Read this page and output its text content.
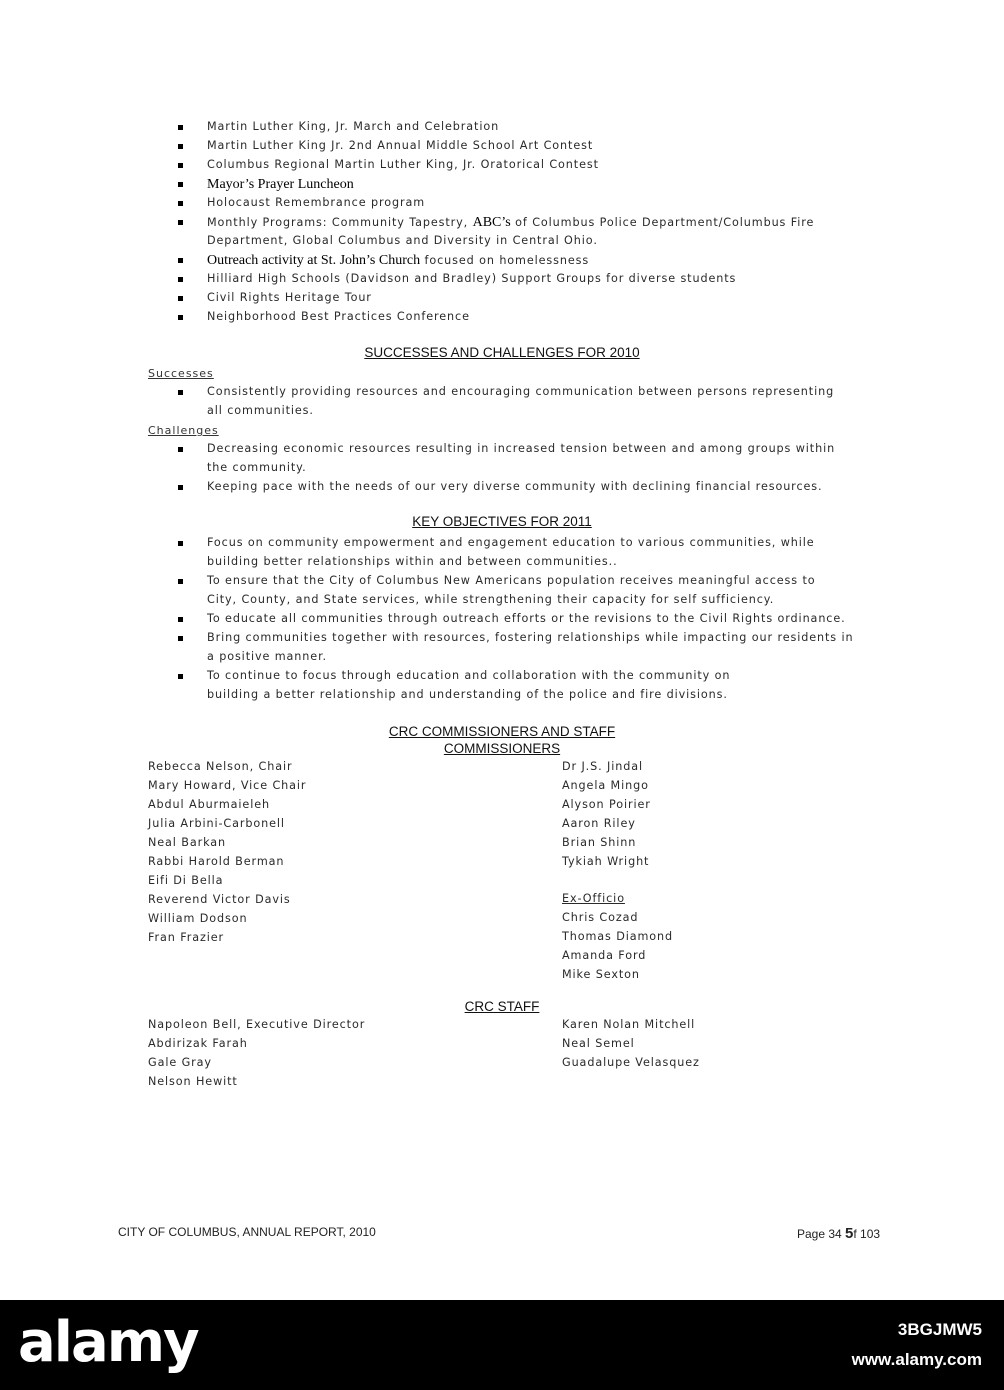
Martin Luther King, Jr. March and Celebration
Martin Luther King Jr. 2nd Annual Middle School Art Contest
Columbus Regional Martin Luther King, Jr. Oratorical Contest
Mayor’s Prayer Luncheon
Holocaust Remembrance program
Monthly Programs: Community Tapestry, ABC’s of Columbus Police Department/Columbus Fire
Department, Global Columbus and Diversity in Central Ohio.
Outreach activity at St. John’s Church focused on homelessness
Hilliard High Schools (Davidson and Bradley) Support Groups for diverse students
Civil Rights Heritage Tour
Neighborhood Best Practices Conference
SUCCESSES AND CHALLENGES FOR 2010
Successes
Consistently providing resources and encouraging communication between persons representing
all communities.
Challenges
Decreasing economic resources resulting in increased tension between and among groups within
the community.
Keeping pace with the needs of our very diverse community with declining financial resources.
KEY OBJECTIVES FOR 2011
Focus on community empowerment and engagement education to various communities, while
building better relationships within and between communities..
To ensure that the City of Columbus New Americans population receives meaningful access to
City, County, and State services, while strengthening their capacity for self sufficiency.
To educate all communities through outreach efforts or the revisions to the Civil Rights ordinance.
Bring communities together with resources, fostering relationships while impacting our residents in
a positive manner.
To continue to focus through education and collaboration with the community on
building a better relationship and understanding of the police and fire divisions.
CRC COMMISSIONERS AND STAFF
COMMISSIONERS
Rebecca Nelson, Chair
Mary Howard, Vice Chair
Abdul Aburmaieleh
Julia Arbini-Carbonell
Neal Barkan
Rabbi Harold Berman
Eifi Di Bella
Reverend Victor Davis
William Dodson
Fran Frazier
Dr J.S. Jindal
Angela Mingo
Alyson Poirier
Aaron Riley
Brian Shinn
Tykiah Wright
Ex-Officio
Chris Cozad
Thomas Diamond
Amanda Ford
Mike Sexton
CRC STAFF
Napoleon Bell, Executive Director
Abdirizak Farah
Gale Gray
Nelson Hewitt
Karen Nolan Mitchell
Neal Semel
Guadalupe Velasquez
CITY OF COLUMBUS, ANNUAL REPORT, 2010	Page 34 5f 103
alamy	3BGJMW5
www.alamy.com
